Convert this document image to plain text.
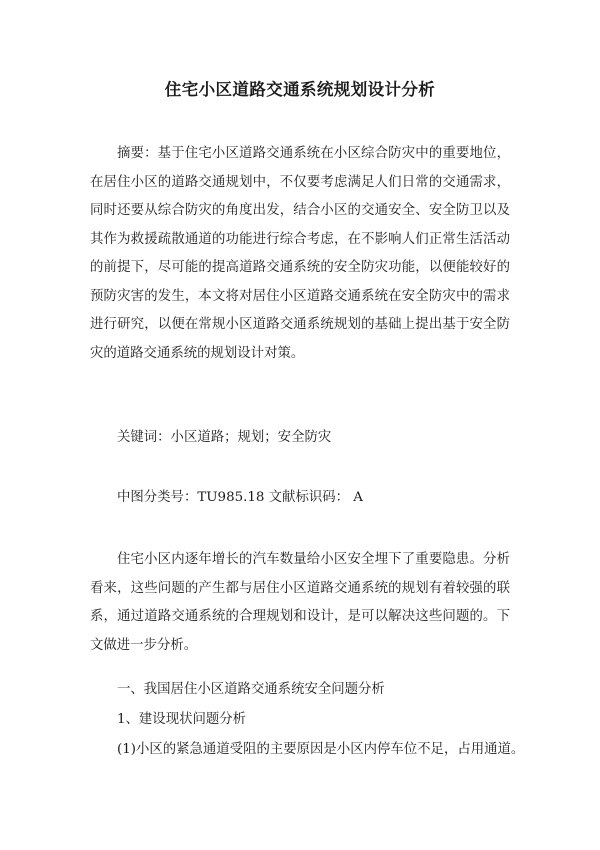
住宅小区道路交通系统规划设计分析

摘要：基于住宅小区道路交通系统在小区综合防灾中的重要地位，在居住小区的道路交通规划中，不仅要考虑满足人们日常的交通需求，同时还要从综合防灾的角度出发，结合小区的交通安全、安全防卫以及其作为救援疏散通道的功能进行综合考虑，在不影响人们正常生活活动的前提下，尽可能的提高道路交通系统的安全防灾功能，以便能较好的预防灾害的发生，本文将对居住小区道路交通系统在安全防灾中的需求进行研究，以便在常规小区道路交通系统规划的基础上提出基于安全防灾的道路交通系统的规划设计对策。

关键词：小区道路；规划；安全防灾

中图分类号：TU985.18 文献标识码： A

住宅小区内逐年增长的汽车数量给小区安全埋下了重要隐患。分析看来，这些问题的产生都与居住小区道路交通系统的规划有着较强的联系，通过道路交通系统的合理规划和设计，是可以解决这些问题的。下文做进一步分析。

一、我国居住小区道路交通系统安全问题分析

1、建设现状问题分析

(1)小区的紧急通道受阻的主要原因是小区内停车位不足，占用通道。
